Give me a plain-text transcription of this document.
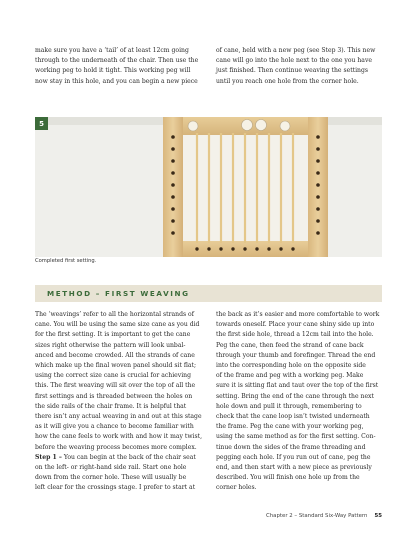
make sure you have a ‘tail’ of at least 12cm going

through to the underneath of the chair. Then use the

working peg to hold it tight. This working peg will

now stay in this hole, and you can begin a new piece

of cane, held with a new peg (see Step 3). This new

cane will go into the hole next to the one you have

just finished. Then continue weaving the settings

until you reach one hole from the corner hole.

5
Completed first setting.
METHOD – FIRST WEAVING

The ‘weavings’ refer to all the horizontal strands of

cane. You will be using the same size cane as you did

for the first setting. It is important to get the cane

sizes right otherwise the pattern will look unbal-

anced and become crowded. All the strands of cane

which make up the final woven panel should sit flat;

using the correct size cane is crucial for achieving

this. The first weaving will sit over the top of all the

first settings and is threaded between the holes on

the side rails of the chair frame. It is helpful that

there isn’t any actual weaving in and out at this stage

as it will give you a chance to become familiar with

how the cane feels to work with and how it may twist,

before the weaving process becomes more complex.

Step 1 – You can begin at the back of the chair seat

on the left- or right-hand side rail. Start one hole

down from the corner hole. These will usually be

left clear for the crossings stage. I prefer to start at

the back as it’s easier and more comfortable to work

towards oneself. Place your cane shiny side up into

the first side hole, thread a 12cm tail into the hole.

Peg the cane, then feed the strand of cane back

through your thumb and forefinger. Thread the end

into the corresponding hole on the opposite side

of the frame and peg with a working peg. Make

sure it is sitting flat and taut over the top of the first

setting. Bring the end of the cane through the next

hole down and pull it through, remembering to

check that the cane loop isn’t twisted underneath

the frame. Peg the cane with your working peg,

using the same method as for the first setting. Con-

tinue down the sides of the frame threading and

pegging each hole. If you run out of cane, peg the

end, and then start with a new piece as previously

described. You will finish one hole up from the

corner holes.

Chapter 2 – Standard Six-Way Pattern 55
